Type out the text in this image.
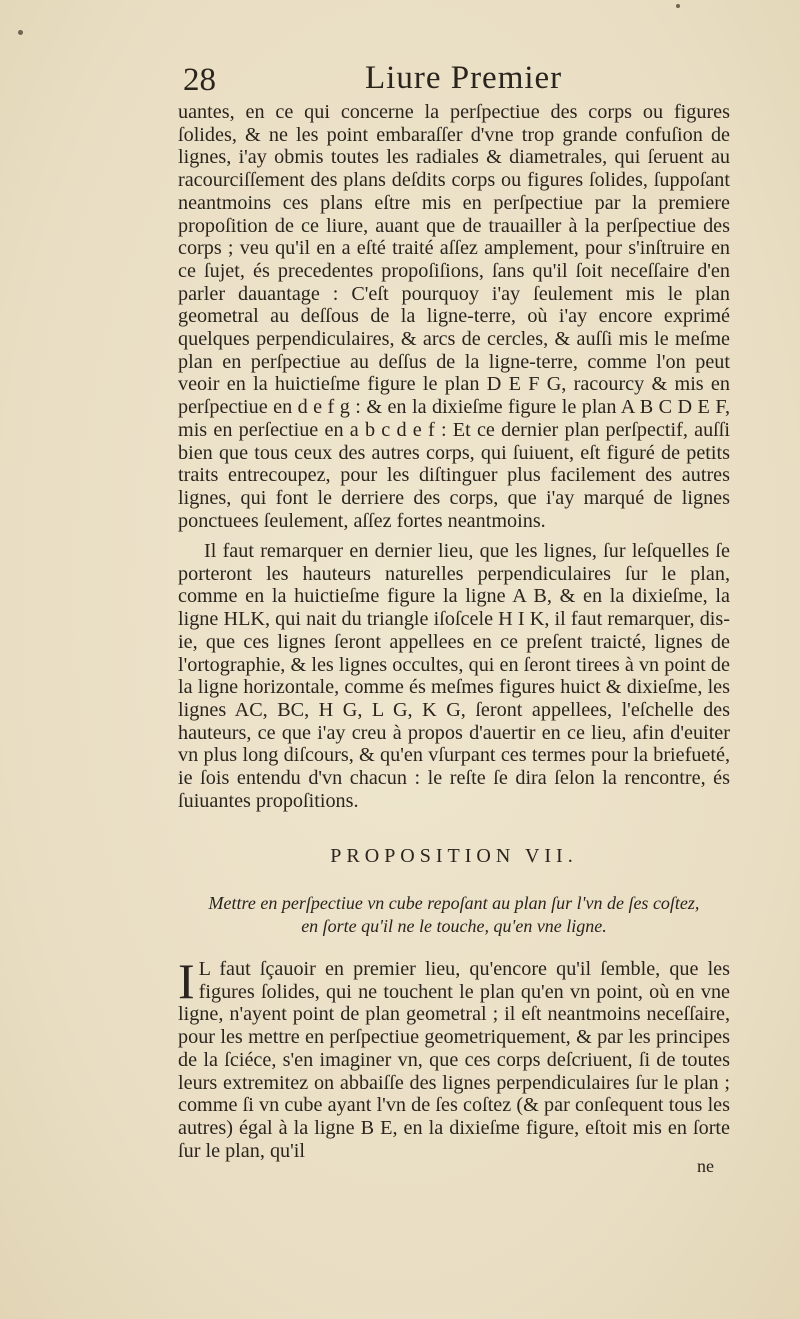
28	Liure Premier

uantes, en ce qui concerne la perſpectiue des corps ou figures ſolides, & ne les point embaraſſer d'vne trop grande confuſion de lignes, i'ay obmis toutes les radiales & diametrales, qui ſeruent au racourciſſement des plans deſdits corps ou figures ſolides, ſuppoſant neantmoins ces plans eſtre mis en perſpectiue par la premiere propoſition de ce liure, auant que de trauailler à la perſpectiue des corps ; veu qu'il en a eſté traité aſſez amplement, pour s'inſtruire en ce ſujet, és precedentes propoſiſions, ſans qu'il ſoit neceſſaire d'en parler dauantage : C'eſt pourquoy i'ay ſeulement mis le plan geometral au deſſous de la ligne-terre, où i'ay encore exprimé quelques perpendiculaires, & arcs de cercles, & auſſi mis le meſme plan en perſpectiue au deſſus de la ligne-terre, comme l'on peut veoir en la huictieſme figure le plan D E F G, racourcy & mis en perſpectiue en d e f g : & en la dixieſme figure le plan A B C D E F, mis en perſectiue en a b c d e f : Et ce dernier plan perſpectif, auſſi bien que tous ceux des autres corps, qui ſuiuent, eſt figuré de petits traits entrecoupez, pour les diſtinguer plus facilement des autres lignes, qui font le derriere des corps, que i'ay marqué de lignes ponctuees ſeulement, aſſez fortes neantmoins.

Il faut remarquer en dernier lieu, que les lignes, ſur leſquelles ſe porteront les hauteurs naturelles perpendiculaires ſur le plan, comme en la huictieſme figure la ligne A B, & en la dixieſme, la ligne HLK, qui nait du triangle iſoſcele H I K, il faut remarquer, dis-ie, que ces lignes ſeront appellees en ce preſent traicté, lignes de l'ortographie, & les lignes occultes, qui en ſeront tirees à vn point de la ligne horizontale, comme és meſmes figures huict & dixieſme, les lignes AC, BC, H G, L G, K G, ſeront appellees, l'eſchelle des hauteurs, ce que i'ay creu à propos d'auertir en ce lieu, afin d'euiter vn plus long diſcours, & qu'en vſurpant ces termes pour la briefueté, ie ſois entendu d'vn chacun : le reſte ſe dira ſelon la rencontre, és ſuiuantes propoſitions.

PROPOSITION VII.
Mettre en perſpectiue vn cube repoſant au plan ſur l'vn de ſes coſtez,
en ſorte qu'il ne le touche, qu'en vne ligne.

I L faut ſçauoir en premier lieu, qu'encore qu'il ſemble, que les figures ſolides, qui ne touchent le plan qu'en vn point, où en vne ligne, n'ayent point de plan geometral ; il eſt neantmoins neceſſaire, pour les mettre en perſpectiue geometriquement, & par les principes de la ſciéce, s'en imaginer vn, que ces corps deſcriuent, ſi de toutes leurs extremitez on abbaiſſe des lignes perpendiculaires ſur le plan ; comme ſi vn cube ayant l'vn de ſes coſtez (& par conſequent tous les autres) égal à la ligne B E, en la dixieſme figure, eſtoit mis en ſorte ſur le plan, qu'il

ne
